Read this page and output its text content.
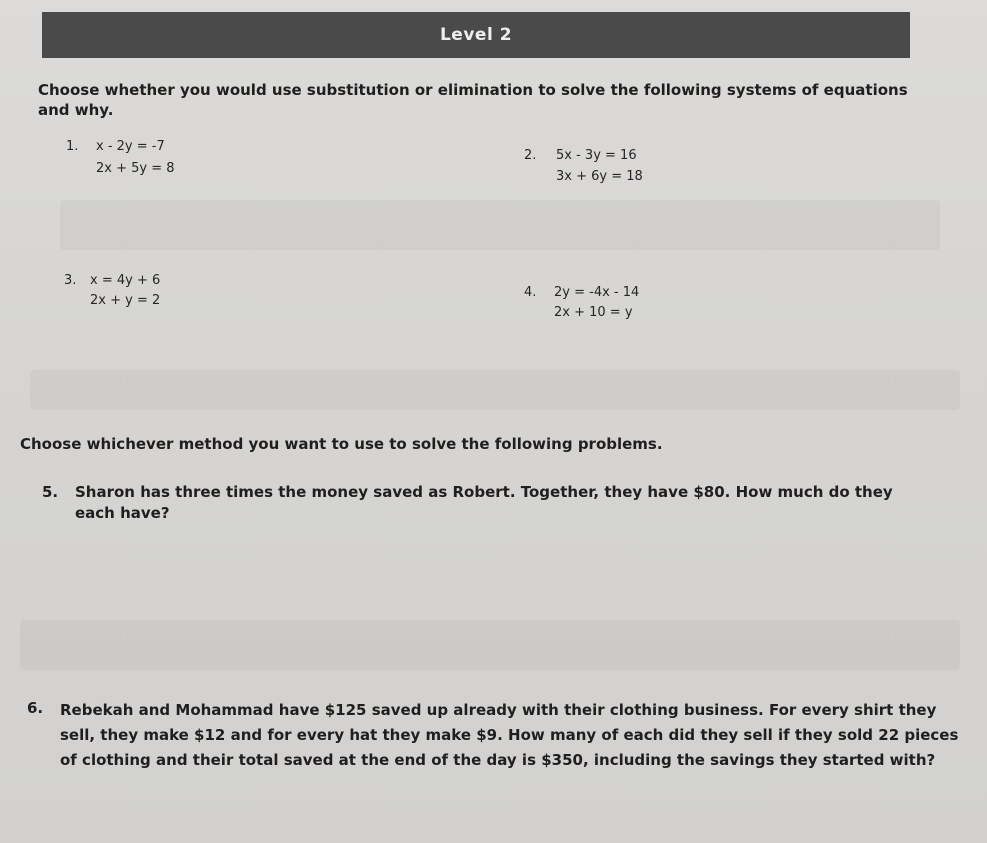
Level 2
Choose whether you would use substitution or elimination to solve the following systems of equations and why.
1. x - 2y = -7
2x + 5y = 8
2. 5x - 3y = 16
3x + 6y = 18
3. x = 4y + 6
2x + y = 2
4. 2y = -4x - 14
2x + 10 = y
Choose whichever method you want to use to solve the following problems.
5. Sharon has three times the money saved as Robert. Together, they have $80. How much do they each have?
6. Rebekah and Mohammad have $125 saved up already with their clothing business. For every shirt they sell, they make $12 and for every hat they make $9. How many of each did they sell if they sold 22 pieces of clothing and their total saved at the end of the day is $350, including the savings they started with?
